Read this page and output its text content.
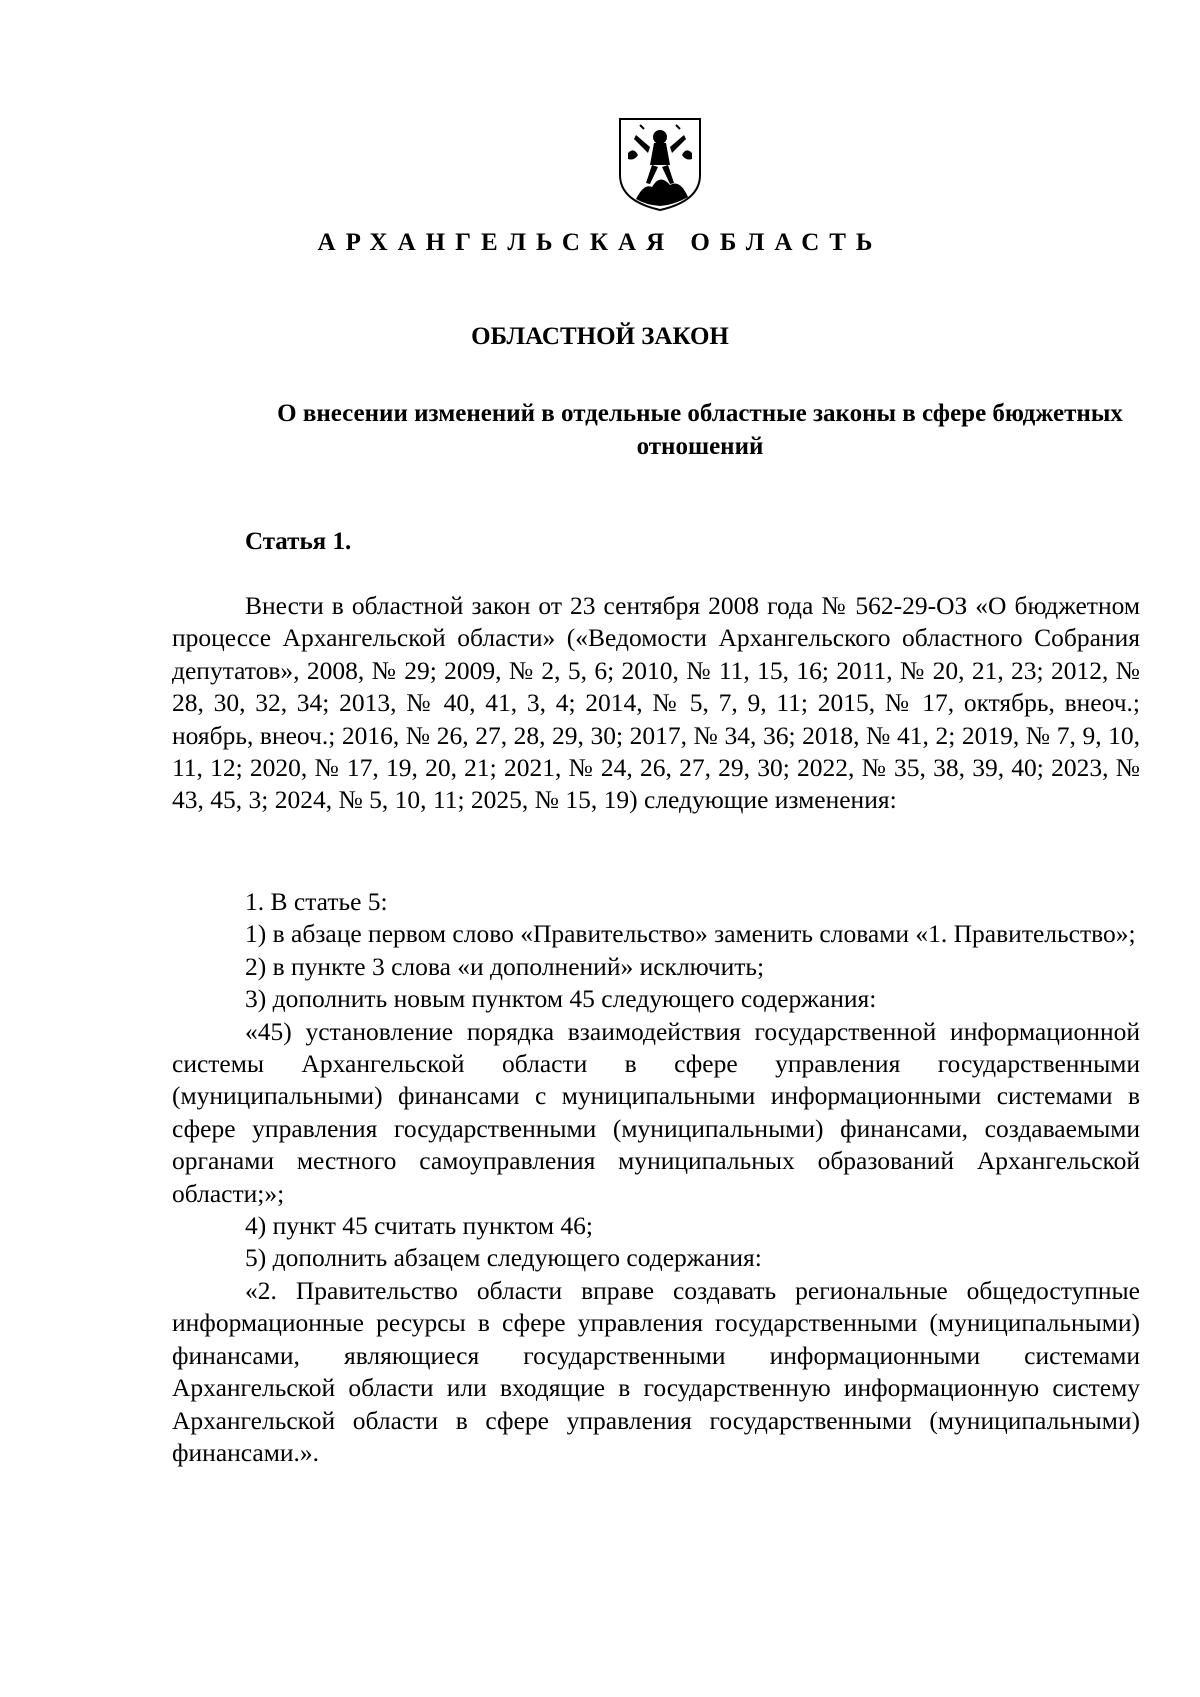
АРХАНГЕЛЬСКАЯ ОБЛАСТЬ
ОБЛАСТНОЙ ЗАКОН
О внесении изменений в отдельные областные законы в сфере бюджетных отношений
Статья 1.

Внести в областной закон от 23 сентября 2008 года № 562-29-ОЗ «О бюджетном процессе Архангельской области» («Ведомости Архангельского областного Собрания депутатов», 2008, № 29; 2009, № 2, 5, 6; 2010, № 11, 15, 16; 2011, № 20, 21, 23; 2012, № 28, 30, 32, 34; 2013, № 40, 41, 3, 4; 2014, № 5, 7, 9, 11; 2015, № 17, октябрь, внеоч.; ноябрь, внеоч.; 2016, № 26, 27, 28, 29, 30; 2017, № 34, 36; 2018, № 41, 2; 2019, № 7, 9, 10, 11, 12; 2020, № 17, 19, 20, 21; 2021, № 24, 26, 27, 29, 30; 2022, № 35, 38, 39, 40; 2023, № 43, 45, 3; 2024, № 5, 10, 11; 2025, № 15, 19) следующие изменения:

1. В статье 5:

1) в абзаце первом слово «Правительство» заменить словами «1. Правительство»;

2) в пункте 3 слова «и дополнений» исключить;

3) дополнить новым пунктом 45 следующего содержания:

«45) установление порядка взаимодействия государственной информационной системы Архангельской области в сфере управления государственными (муниципальными) финансами с муниципальными информационными системами в сфере управления государственными (муниципальными) финансами, создаваемыми органами местного самоуправления муниципальных образований Архангельской области;»;

4) пункт 45 считать пунктом 46;

5) дополнить абзацем следующего содержания:

«2. Правительство области вправе создавать региональные общедоступные информационные ресурсы в сфере управления государственными (муниципальными) финансами, являющиеся государственными информационными системами Архангельской области или входящие в государственную информационную систему Архангельской области в сфере управления государственными (муниципальными) финансами.».
